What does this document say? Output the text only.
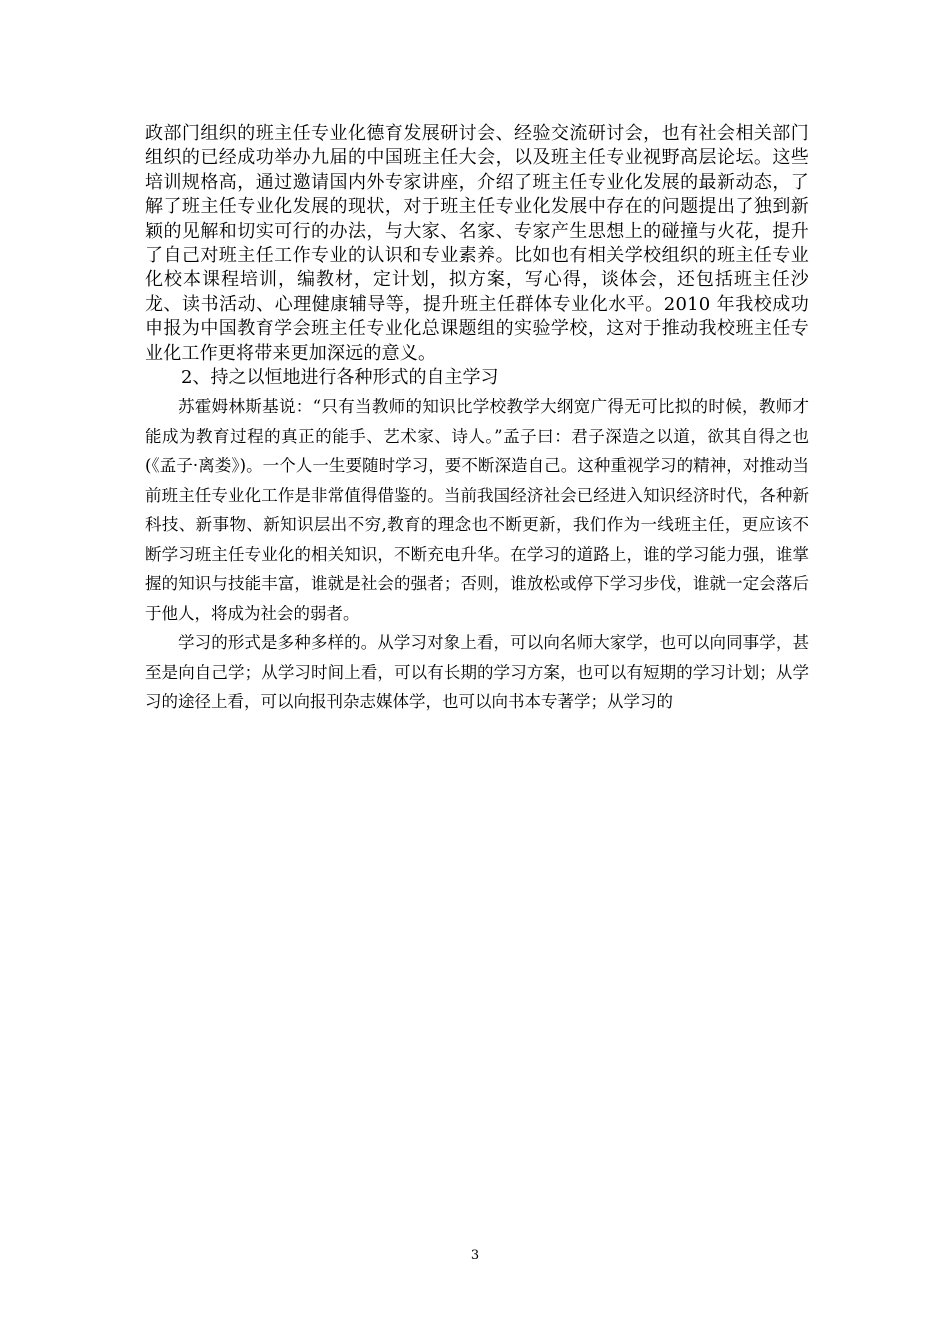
政部门组织的班主任专业化德育发展研讨会、经验交流研讨会，也有社会相关部门组织的已经成功举办九届的中国班主任大会，以及班主任专业视野高层论坛。这些培训规格高，通过邀请国内外专家讲座，介绍了班主任专业化发展的最新动态，了解了班主任专业化发展的现状，对于班主任专业化发展中存在的问题提出了独到新颖的见解和切实可行的办法，与大家、名家、专家产生思想上的碰撞与火花，提升了自己对班主任工作专业的认识和专业素养。比如也有相关学校组织的班主任专业化校本课程培训，编教材，定计划，拟方案，写心得，谈体会，还包括班主任沙龙、读书活动、心理健康辅导等，提升班主任群体专业化水平。2010 年我校成功申报为中国教育学会班主任专业化总课题组的实验学校，这对于推动我校班主任专业化工作更将带来更加深远的意义。

2、持之以恒地进行各种形式的自主学习

苏霍姆林斯基说：“只有当教师的知识比学校教学大纲宽广得无可比拟的时候，教师才能成为教育过程的真正的能手、艺术家、诗人。”孟子曰：君子深造之以道，欲其自得之也(《孟子·离娄》)。一个人一生要随时学习，要不断深造自己。这种重视学习的精神，对推动当前班主任专业化工作是非常值得借鉴的。当前我国经济社会已经进入知识经济时代，各种新科技、新事物、新知识层出不穷,教育的理念也不断更新，我们作为一线班主任，更应该不断学习班主任专业化的相关知识，不断充电升华。在学习的道路上，谁的学习能力强，谁掌握的知识与技能丰富，谁就是社会的强者；否则，谁放松或停下学习步伐，谁就一定会落后于他人，将成为社会的弱者。

学习的形式是多种多样的。从学习对象上看，可以向名师大家学，也可以向同事学，甚至是向自己学；从学习时间上看，可以有长期的学习方案，也可以有短期的学习计划；从学习的途径上看，可以向报刊杂志媒体学，也可以向书本专著学；从学习的

3
